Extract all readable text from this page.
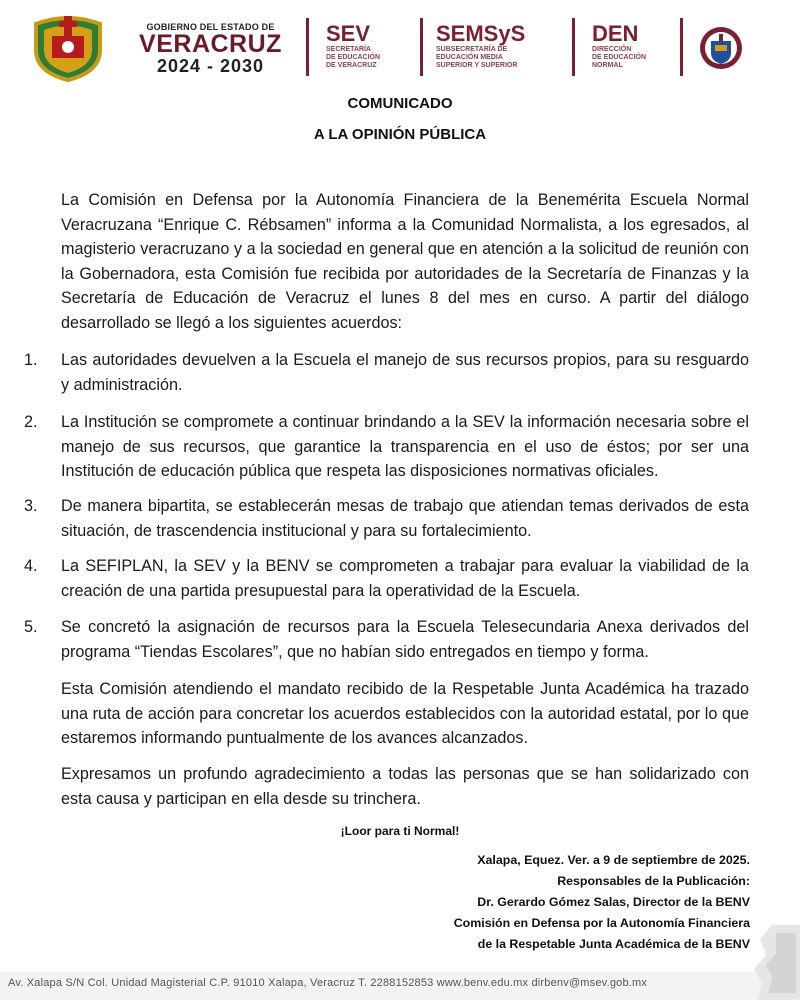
GOBIERNO DEL ESTADO DE
VERACRUZ
2024 - 2030
SEV
SECRETARÍA
DE EDUCACIÓN
DE VERACRUZ
SEMSyS
SUBSECRETARÍA DE
EDUCACIÓN MEDIA
SUPERIOR Y SUPERIOR
DEN
DIRECCIÓN
DE EDUCACIÓN
NORMAL
COMUNICADO
A LA OPINIÓN PÚBLICA
La Comisión en Defensa por la Autonomía Financiera de la Benemérita Escuela Normal Veracruzana “Enrique C. Rébsamen” informa a la Comunidad Normalista, a los egresados, al magisterio veracruzano y a la sociedad en general que en atención a la solicitud de reunión con la Gobernadora, esta Comisión fue recibida por autoridades de la Secretaría de Finanzas y la Secretaría de Educación de Veracruz el lunes 8 del mes en curso. A partir del diálogo desarrollado se llegó a los siguientes acuerdos:
1.	Las autoridades devuelven a la Escuela el manejo de sus recursos propios, para su resguardo y administración.
2.	La Institución se compromete a continuar brindando a la SEV la información necesaria sobre el manejo de sus recursos, que garantice la transparencia en el uso de éstos; por ser una Institución de educación pública que respeta las disposiciones normativas oficiales.
3.	De manera bipartita, se establecerán mesas de trabajo que atiendan temas derivados de esta situación, de trascendencia institucional y para su fortalecimiento.
4.	La SEFIPLAN, la SEV y la BENV se comprometen a trabajar para evaluar la viabilidad de la creación de una partida presupuestal para la operatividad de la Escuela.
5.	Se concretó la asignación de recursos para la Escuela Telesecundaria Anexa derivados del programa “Tiendas Escolares”, que no habían sido entregados en tiempo y forma.
Esta Comisión atendiendo el mandato recibido de la Respetable Junta Académica ha trazado una ruta de acción para concretar los acuerdos establecidos con la autoridad estatal, por lo que estaremos informando puntualmente de los avances alcanzados.
Expresamos un profundo agradecimiento a todas las personas que se han solidarizado con esta causa y participan en ella desde su trinchera.
¡Loor para ti Normal!
Xalapa, Equez. Ver. a 9 de septiembre de 2025.
Responsables de la Publicación:
Dr. Gerardo Gómez Salas, Director de la BENV
Comisión en Defensa por la Autonomía Financiera
de la Respetable Junta Académica de la BENV
Av. Xalapa S/N Col. Unidad Magisterial C.P. 91010 Xalapa, Veracruz T. 2288152853 www.benv.edu.mx dirbenv@msev.gob.mx
